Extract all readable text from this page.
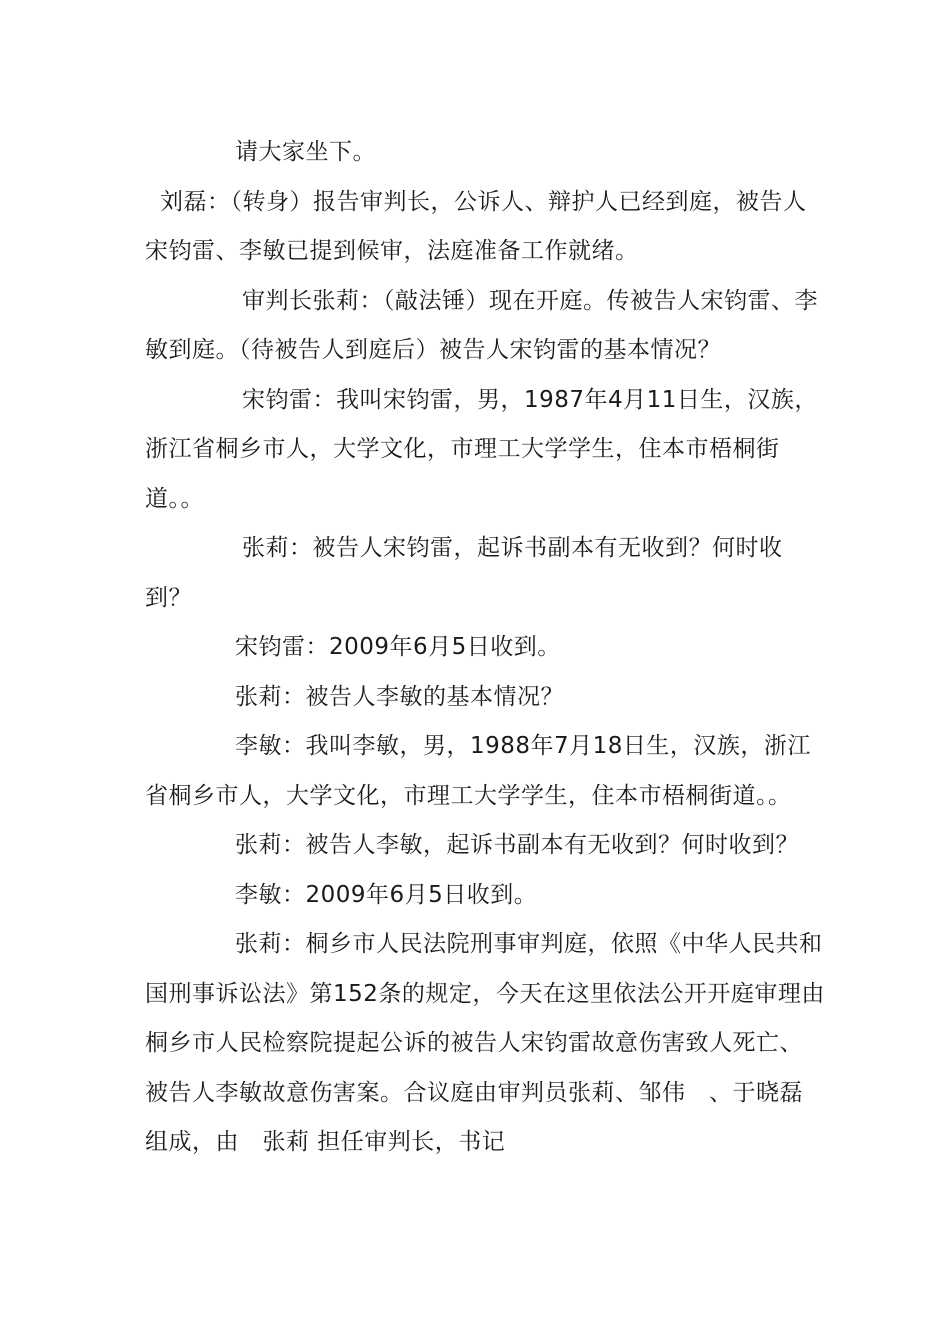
请大家坐下。

刘磊：（转身）报告审判长，公诉人、辩护人已经到庭，被告人宋钧雷、李敏已提到候审，法庭准备工作就绪。

审判长张莉：（敲法锤）现在开庭。传被告人宋钧雷、李敏到庭。（待被告人到庭后）被告人宋钧雷的基本情况？

宋钧雷：我叫宋钧雷，男，1987年4月11日生，汉族，浙江省桐乡市人，大学文化，市理工大学学生，住本市梧桐街道。。

张莉：被告人宋钧雷，起诉书副本有无收到？何时收到？

宋钧雷：2009年6月5日收到。

张莉：被告人李敏的基本情况？

李敏：我叫李敏，男，1988年7月18日生，汉族，浙江省桐乡市人，大学文化，市理工大学学生，住本市梧桐街道。。

张莉：被告人李敏，起诉书副本有无收到？何时收到？

李敏：2009年6月5日收到。

张莉：桐乡市人民法院刑事审判庭，依照《中华人民共和国刑事诉讼法》第152条的规定，今天在这里依法公开开庭审理由桐乡市人民检察院提起公诉的被告人宋钧雷故意伤害致人死亡、被告人李敏故意伤害案。合议庭由审判员张莉、邹伟　、于晓磊　 组成，由　张莉 担任审判长，书记
